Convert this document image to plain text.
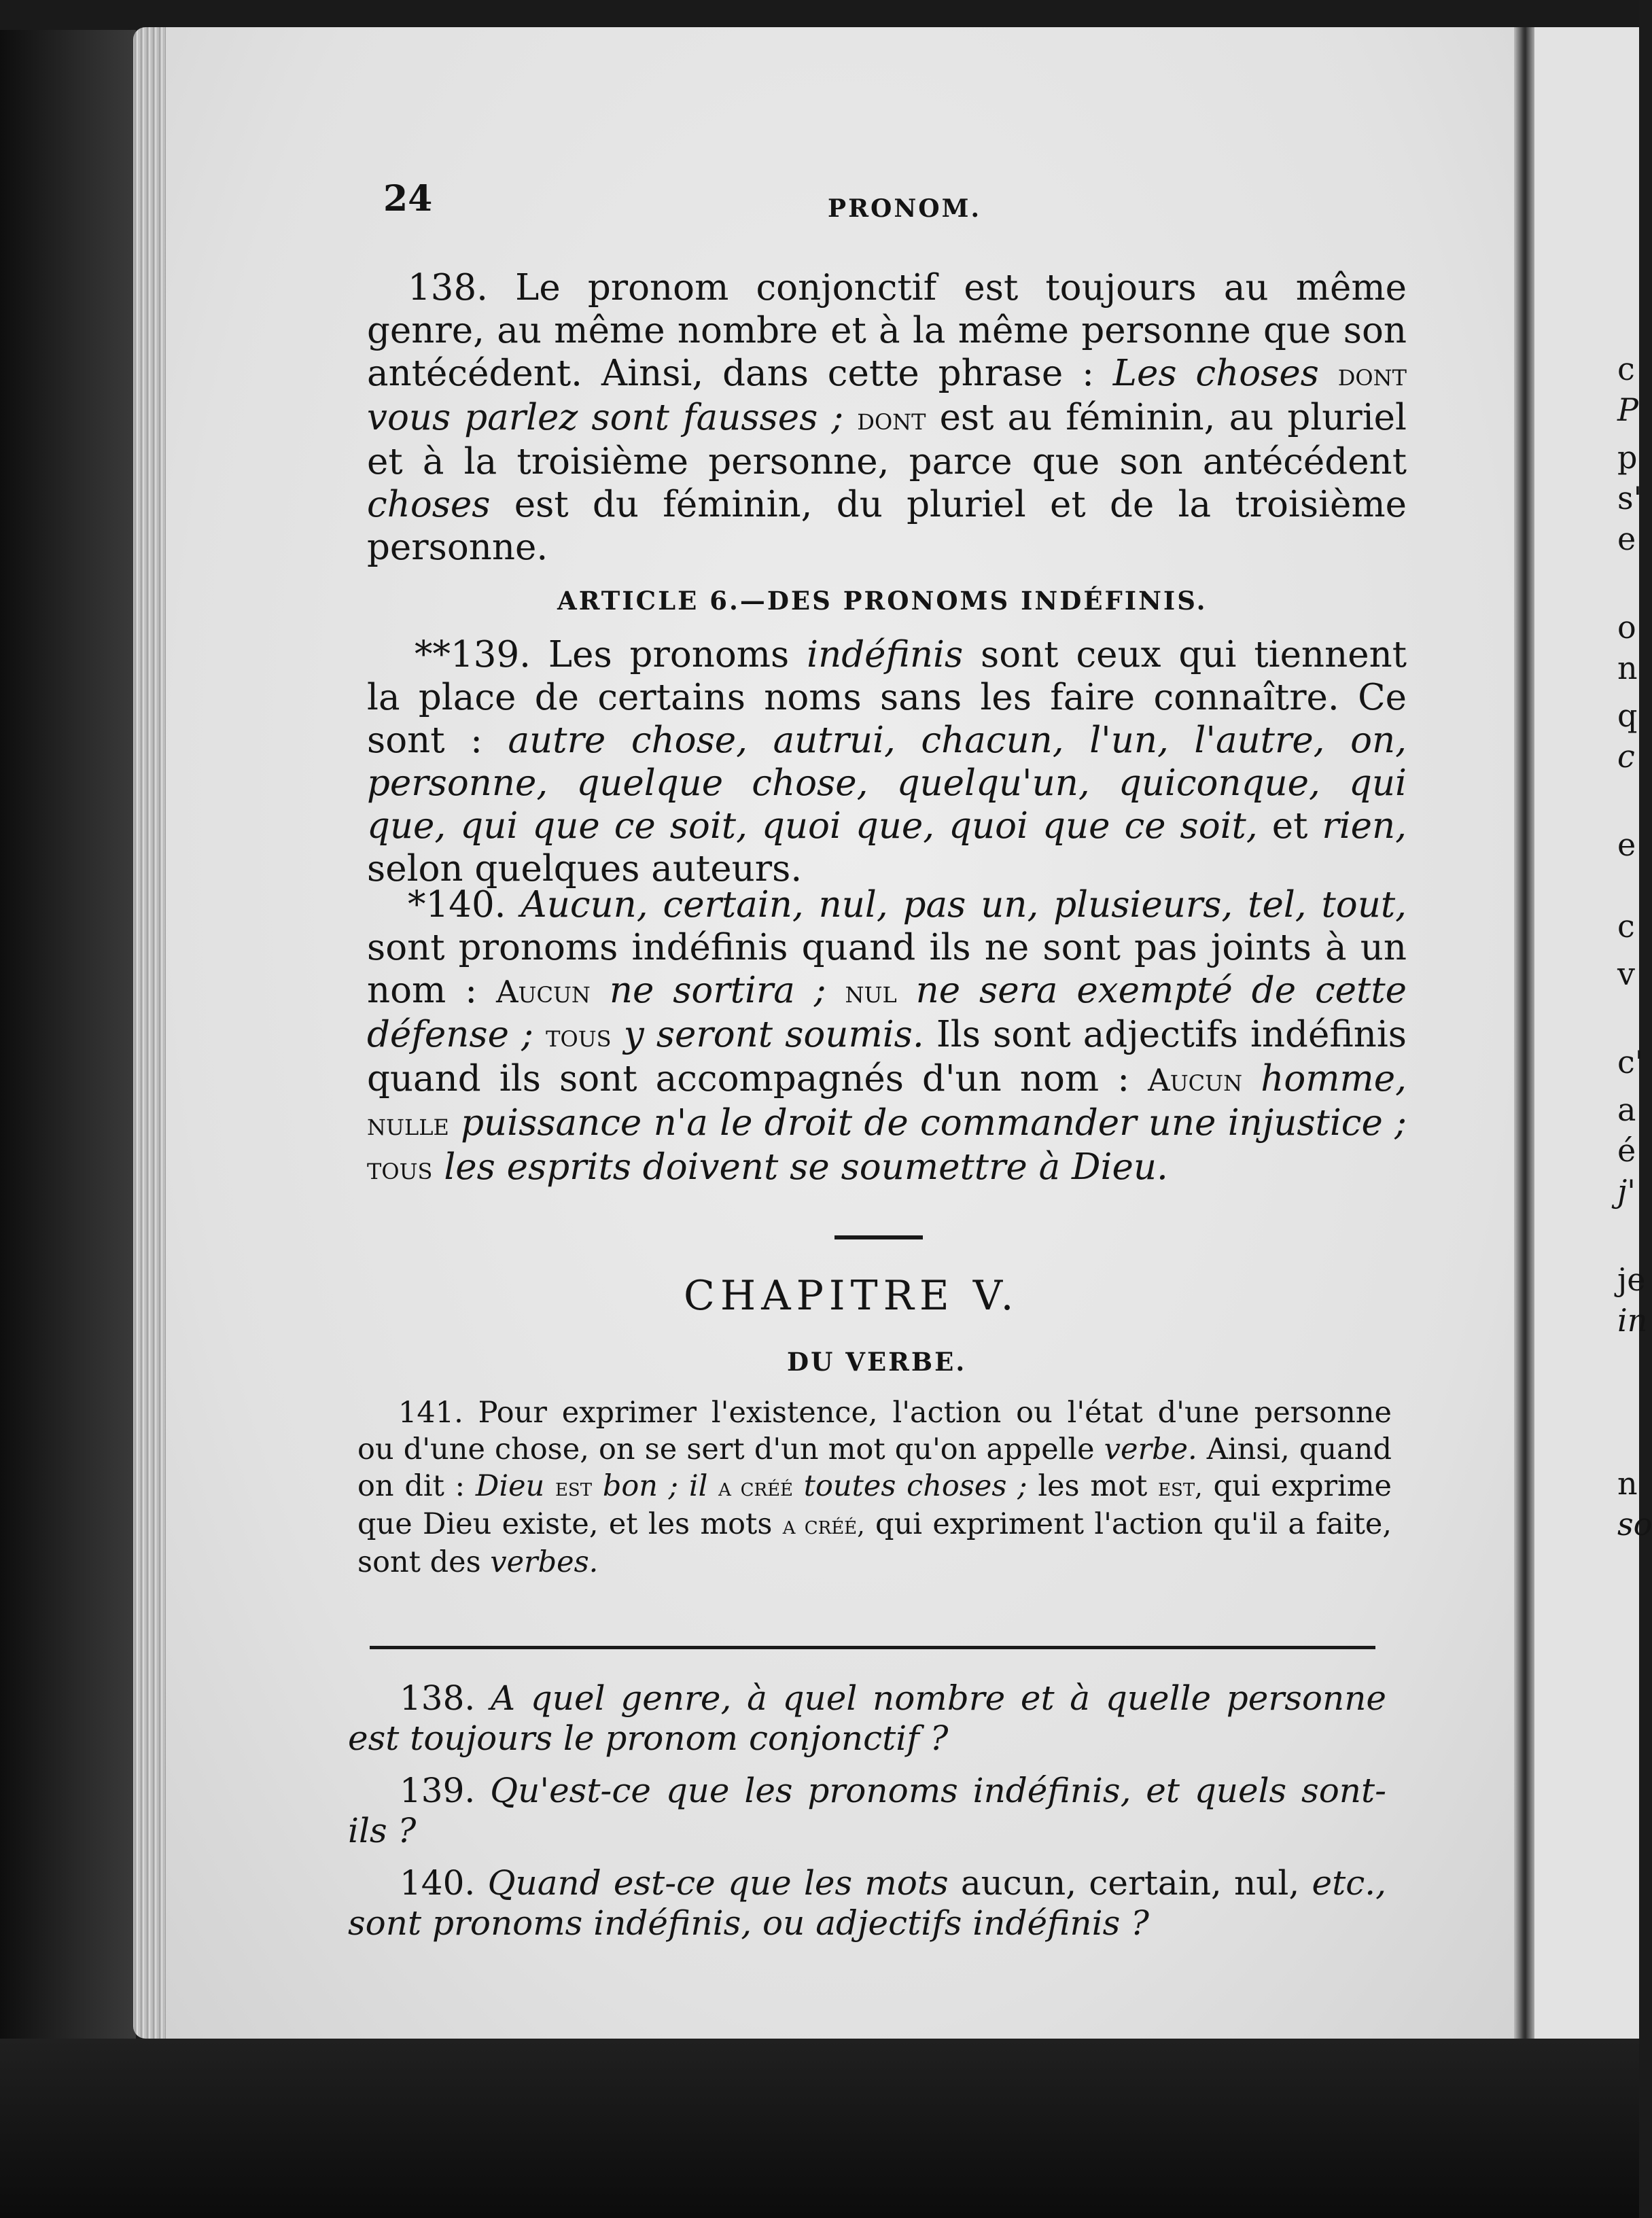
c
P
p
s'
e
o
n
q
c
e
c
v
c'
a
é
j'
je
in
n
so
24	PRONOM.
138. Le pronom conjonctif est toujours au même genre, au même nombre et à la même personne que son antécédent. Ainsi, dans cette phrase : Les choses dont vous parlez sont fausses ; dont est au féminin, au pluriel et à la troisième personne, parce que son antécédent choses est du féminin, du pluriel et de la troisième personne.
ARTICLE 6.—DES PRONOMS INDÉFINIS.
**139. Les pronoms indéfinis sont ceux qui tiennent la place de certains noms sans les faire connaître. Ce sont : autre chose, autrui, chacun, l'un, l'autre, on, personne, quelque chose, quelqu'un, quiconque, qui que, qui que ce soit, quoi que, quoi que ce soit, et rien, selon quelques auteurs.
*140. Aucun, certain, nul, pas un, plusieurs, tel, tout, sont pronoms indéfinis quand ils ne sont pas joints à un nom : Aucun ne sortira ; nul ne sera exempté de cette défense ; tous y seront soumis. Ils sont adjectifs indéfinis quand ils sont accompagnés d'un nom : Aucun homme, nulle puissance n'a le droit de commander une injustice ; tous les esprits doivent se soumettre à Dieu.
CHAPITRE V.
DU VERBE.
141. Pour exprimer l'existence, l'action ou l'état d'une personne ou d'une chose, on se sert d'un mot qu'on appelle verbe. Ainsi, quand on dit : Dieu est bon ; il a créé toutes choses ; les mot est, qui exprime que Dieu existe, et les mots a créé, qui expriment l'action qu'il a faite, sont des verbes.
138. A quel genre, à quel nombre et à quelle personne est toujours le pronom conjonctif ?
139. Qu'est-ce que les pronoms indéfinis, et quels sont-ils ?
140. Quand est-ce que les mots aucun, certain, nul, etc., sont pronoms indéfinis, ou adjectifs indéfinis ?
